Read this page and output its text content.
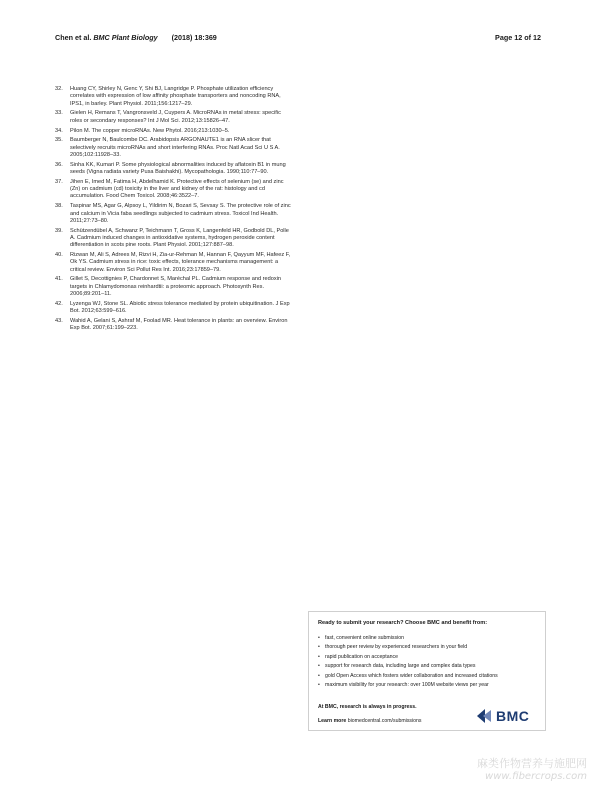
Chen et al. BMC Plant Biology (2018) 18:369	Page 12 of 12
32. Huang CY, Shirley N, Genc Y, Shi BJ, Langridge P. Phosphate utilization efficiency correlates with expression of low affinity phosphate transporters and noncoding RNA, IPS1, in barley. Plant Physiol. 2011;156:1217–29.
33. Gielen H, Remans T, Vangronsveld J, Cuypers A. MicroRNAs in metal stress: specific roles or secondary responses? Int J Mol Sci. 2012;13:15826–47.
34. Pilon M. The copper microRNAs. New Phytol. 2016;213:1030–5.
35. Baumberger N, Baulcombe DC. Arabidopsis ARGONAUTE1 is an RNA slicer that selectively recruits microRNAs and short interfering RNAs. Proc Natl Acad Sci U S A. 2005;102:11928–33.
36. Sinha KK, Kumari P. Some physiological abnormalities induced by aflatoxin B1 in mung seeds (Vigna radiata variety Pusa Baishakhi). Mycopathologia. 1990;110:77–90.
37. Jihen E, Imed M, Fatima H, Abdelhamid K. Protective effects of selenium (se) and zinc (Zn) on cadmium (cd) toxicity in the liver and kidney of the rat: histology and cd accumulation. Food Chem Toxicol. 2008;46:3522–7.
38. Taspinar MS, Agar G, Alpsoy L, Yildirim N, Bozari S, Sevsay S. The protective role of zinc and calcium in Vicia faba seedlings subjected to cadmium stress. Toxicol Ind Health. 2011;27:73–80.
39. Schützendübel A, Schwanz P, Teichmann T, Gross K, Langenfeld HR, Godbold DL, Polle A. Cadmium induced changes in antioxidative systems, hydrogen peroxide content differentiation in scots pine roots. Plant Physiol. 2001;127:887–98.
40. Rizwan M, Ali S, Adrees M, Rizvi H, Zia-ur-Rehman M, Hannan F, Qayyum MF, Hafeez F, Ok YS. Cadmium stress in rice: toxic effects, tolerance mechanisms management: a critical review. Environ Sci Pollut Res Int. 2016;23:17859–79.
41. Gillet S, Decottignies P, Chardonnet S, Maréchal PL. Cadmium response and redoxin targets in Chlamydomonas reinhardtii: a proteomic approach. Photosynth Res. 2006;89:201–11.
42. Lyzenga WJ, Stone SL. Abiotic stress tolerance mediated by protein ubiquitination. J Exp Bot. 2012;63:599–616.
43. Wahid A, Gelani S, Ashraf M, Foolad MR. Heat tolerance in plants: an overview. Environ Exp Bot. 2007;61:199–223.
Ready to submit your research? Choose BMC and benefit from:
• fast, convenient online submission
• thorough peer review by experienced researchers in your field
• rapid publication on acceptance
• support for research data, including large and complex data types
• gold Open Access which fosters wider collaboration and increased citations
• maximum visibility for your research: over 100M website views per year
At BMC, research is always in progress.
Learn more biomedcentral.com/submissions	BMC
麻类作物营养与施肥网
www.fibercrops.com
